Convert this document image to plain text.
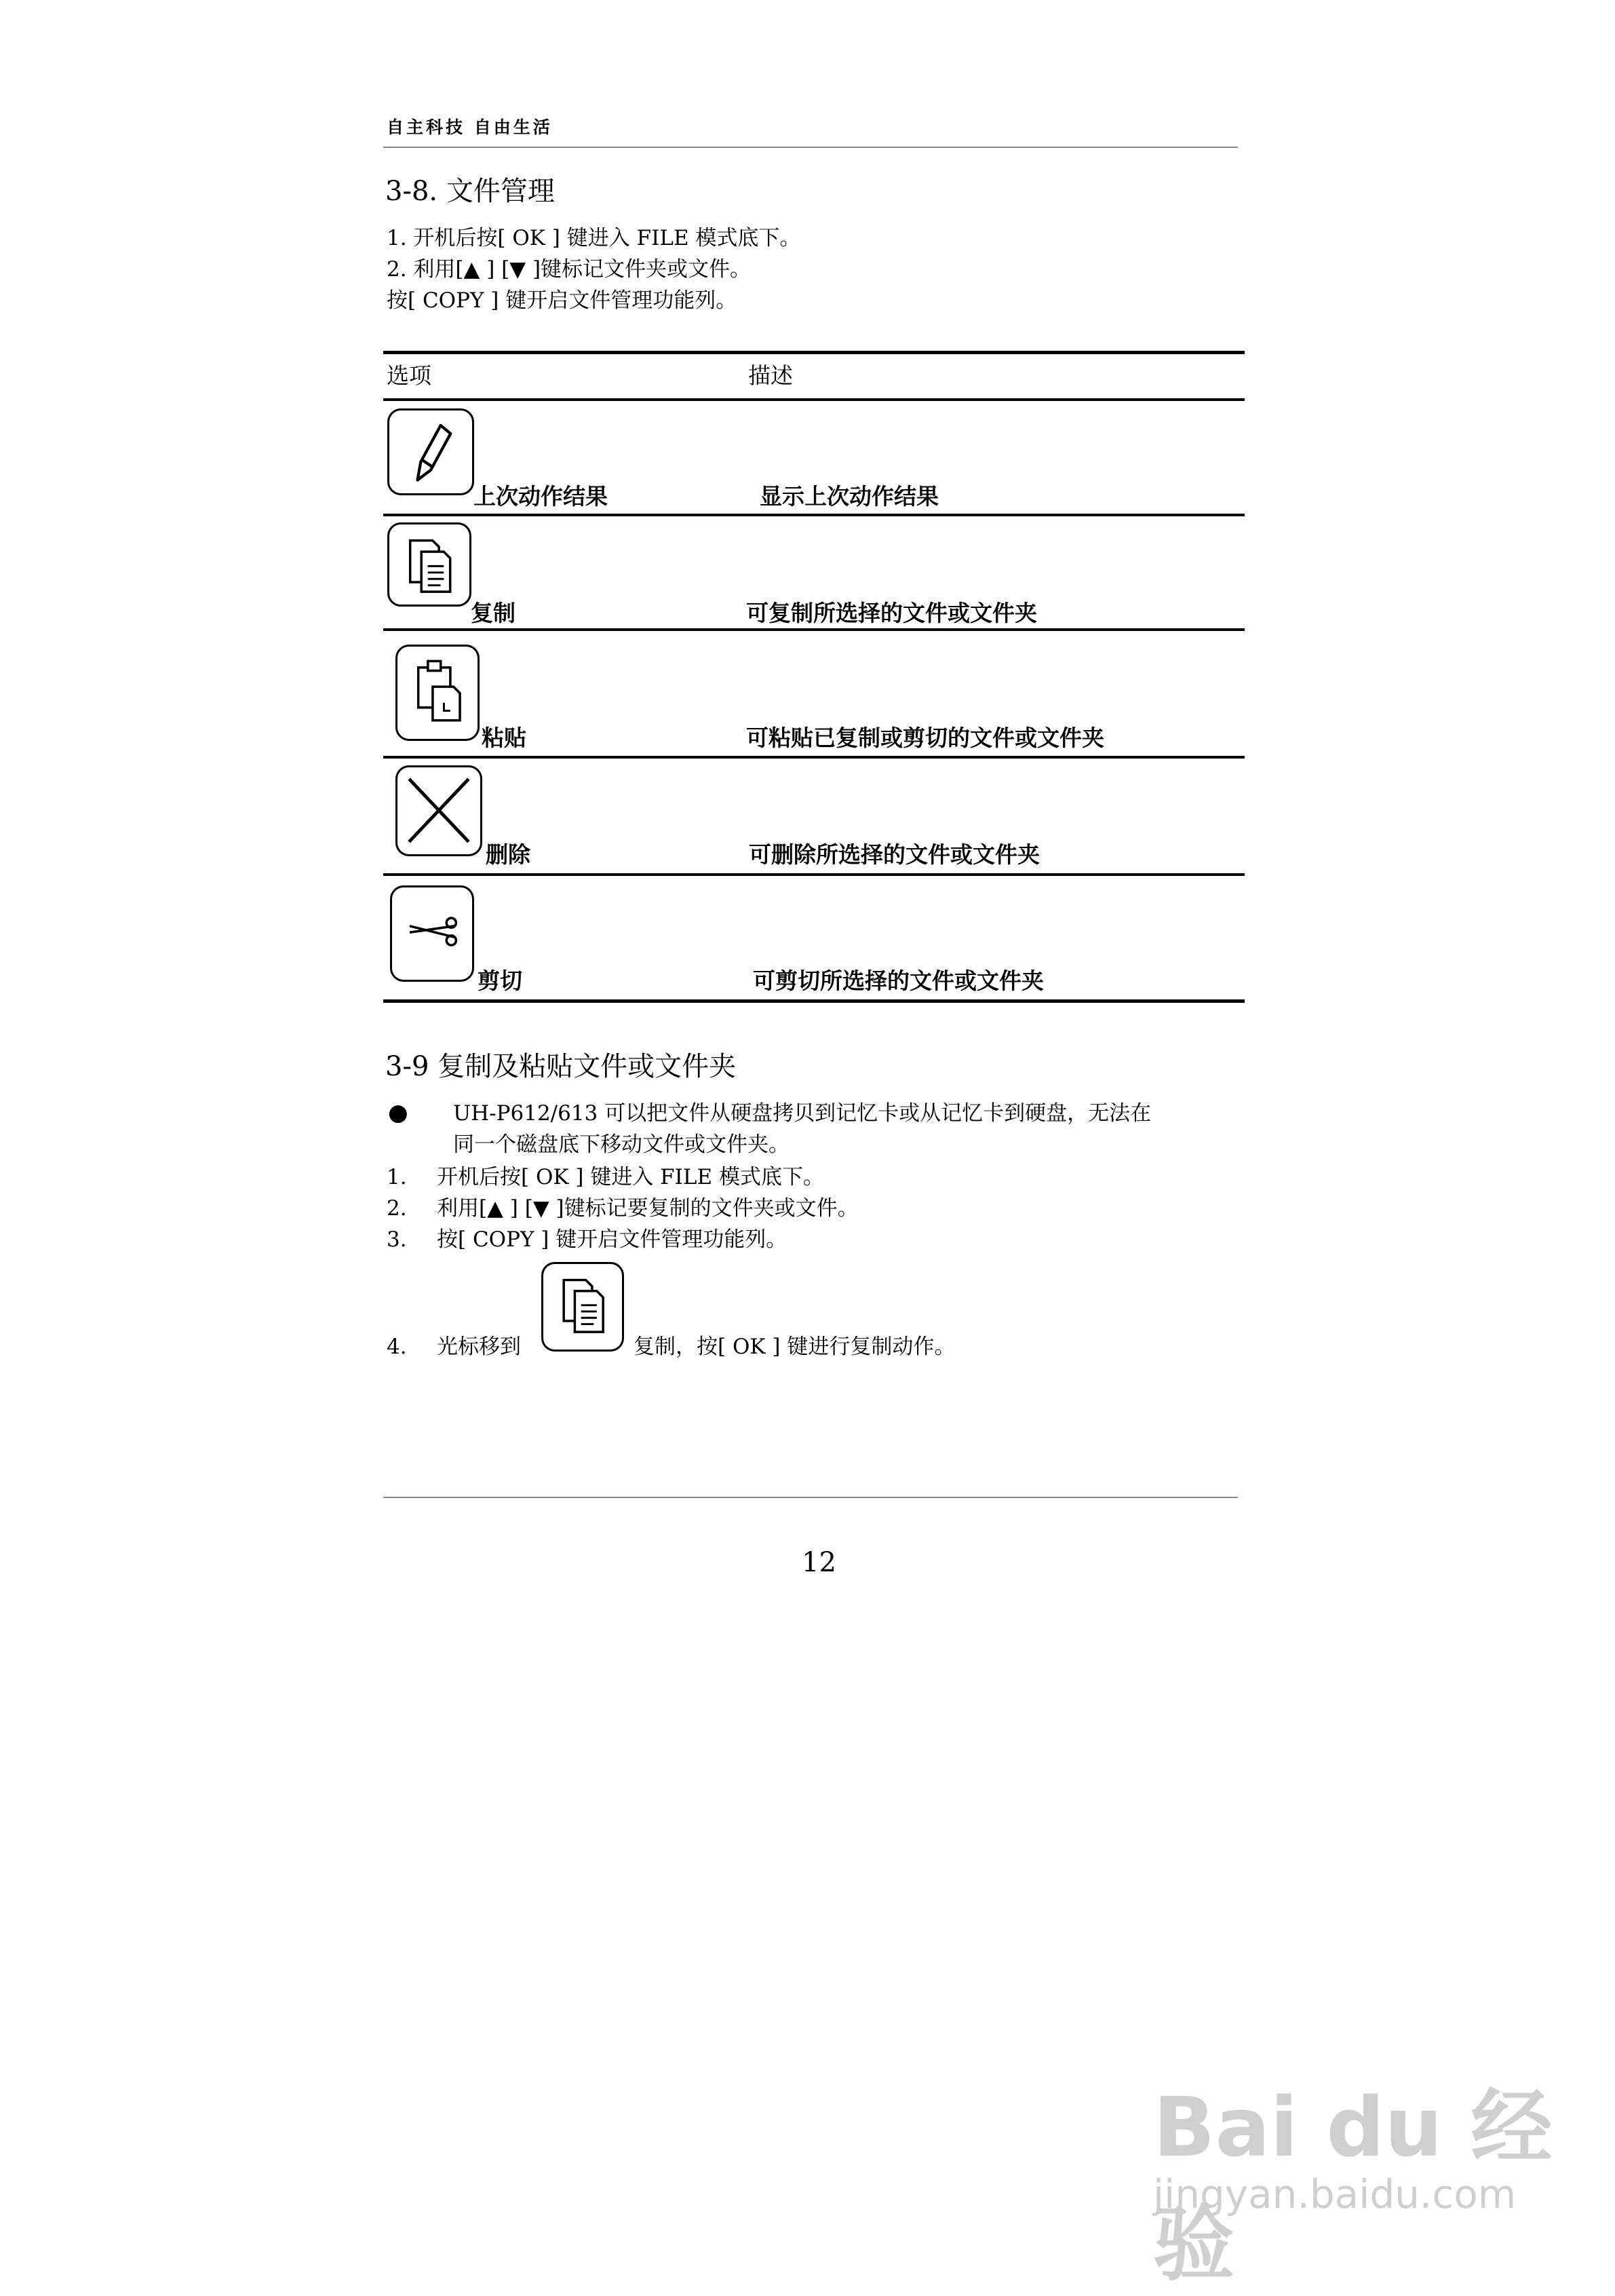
自主科技 自由生活
3-8. 文件管理
1. 开机后按[ OK ] 键进入 FILE 模式底下。
2. 利用[▲ ] [▼ ]键标记文件夹或文件。
按[ COPY ] 键开启文件管理功能列。
选项	描述
上次动作结果	显示上次动作结果
复制	可复制所选择的文件或文件夹
粘贴	可粘贴已复制或剪切的文件或文件夹
删除	可删除所选择的文件或文件夹
剪切	可剪切所选择的文件或文件夹
3-9 复制及粘贴文件或文件夹
● UH-P612/613 可以把文件从硬盘拷贝到记忆卡或从记忆卡到硬盘，无法在
同一个磁盘底下移动文件或文件夹。
1. 开机后按[ OK ] 键进入 FILE 模式底下。
2. 利用[▲ ] [▼ ]键标记要复制的文件夹或文件。
3. 按[ COPY ] 键开启文件管理功能列。
4. 光标移到	复制，按[ OK ] 键进行复制动作。
12
Bai du 经验
jingyan.baidu.com
